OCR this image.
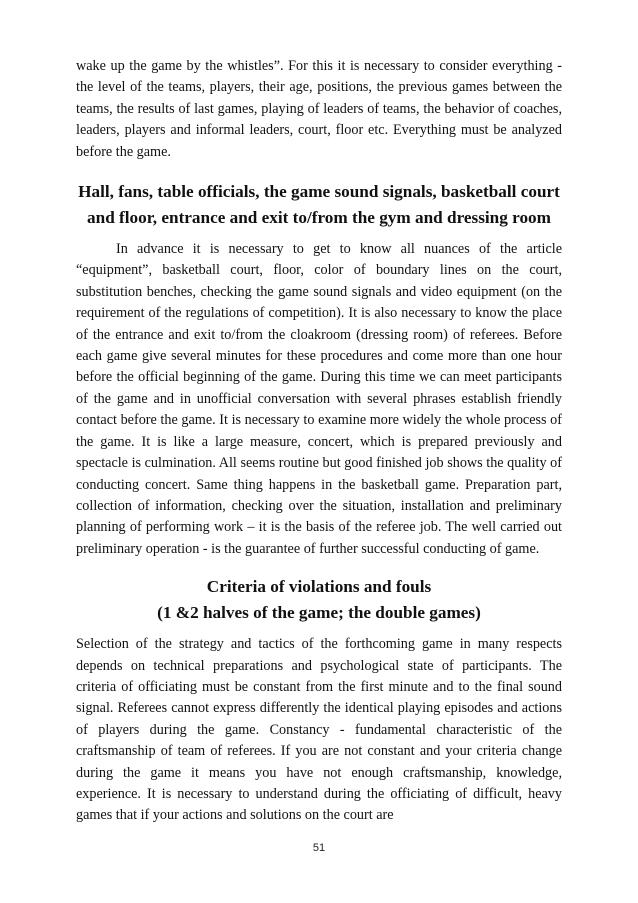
wake up the game by the whistles”. For this it is necessary to consider everything - the level of the teams, players, their age, positions, the previous games between the teams, the results of last games, playing of leaders of teams, the behavior of coaches, leaders, players and informal leaders, court, floor etc. Everything must be analyzed before the game.

Hall, fans, table officials, the game sound signals, basketball court
and floor, entrance and exit to/from the gym and dressing room

In advance it is necessary to get to know all nuances of the article “equipment”, basketball court, floor, color of boundary lines on the court, substitution benches, checking the game sound signals and video equipment (on the requirement of the regulations of competition). It is also necessary to know the place of the entrance and exit to/from the cloakroom (dressing room) of referees. Before each game give several minutes for these procedures and come more than one hour before the official beginning of the game. During this time we can meet participants of the game and in unofficial conversation with several phrases establish friendly contact before the game. It is necessary to examine more widely the whole process of the game. It is like a large measure, concert, which is prepared previously and spectacle is culmination. All seems routine but good finished job shows the quality of conducting concert. Same thing happens in the basketball game. Preparation part, collection of information, checking over the situation, installation and preliminary planning of performing work – it is the basis of the referee job. The well carried out preliminary operation - is the guarantee of further successful conducting of game.

Criteria of violations and fouls
(1 &2 halves of the game; the double games)

Selection of the strategy and tactics of the forthcoming game in many respects depends on technical preparations and psychological state of participants. The criteria of officiating must be constant from the first minute and to the final sound signal. Referees cannot express differently the identical playing episodes and actions of players during the game. Constancy - fundamental characteristic of the craftsmanship of team of referees. If you are not constant and your criteria change during the game it means you have not enough craftsmanship, knowledge, experience. It is necessary to understand during the officiating of difficult, heavy games that if your actions and solutions on the court are

51
